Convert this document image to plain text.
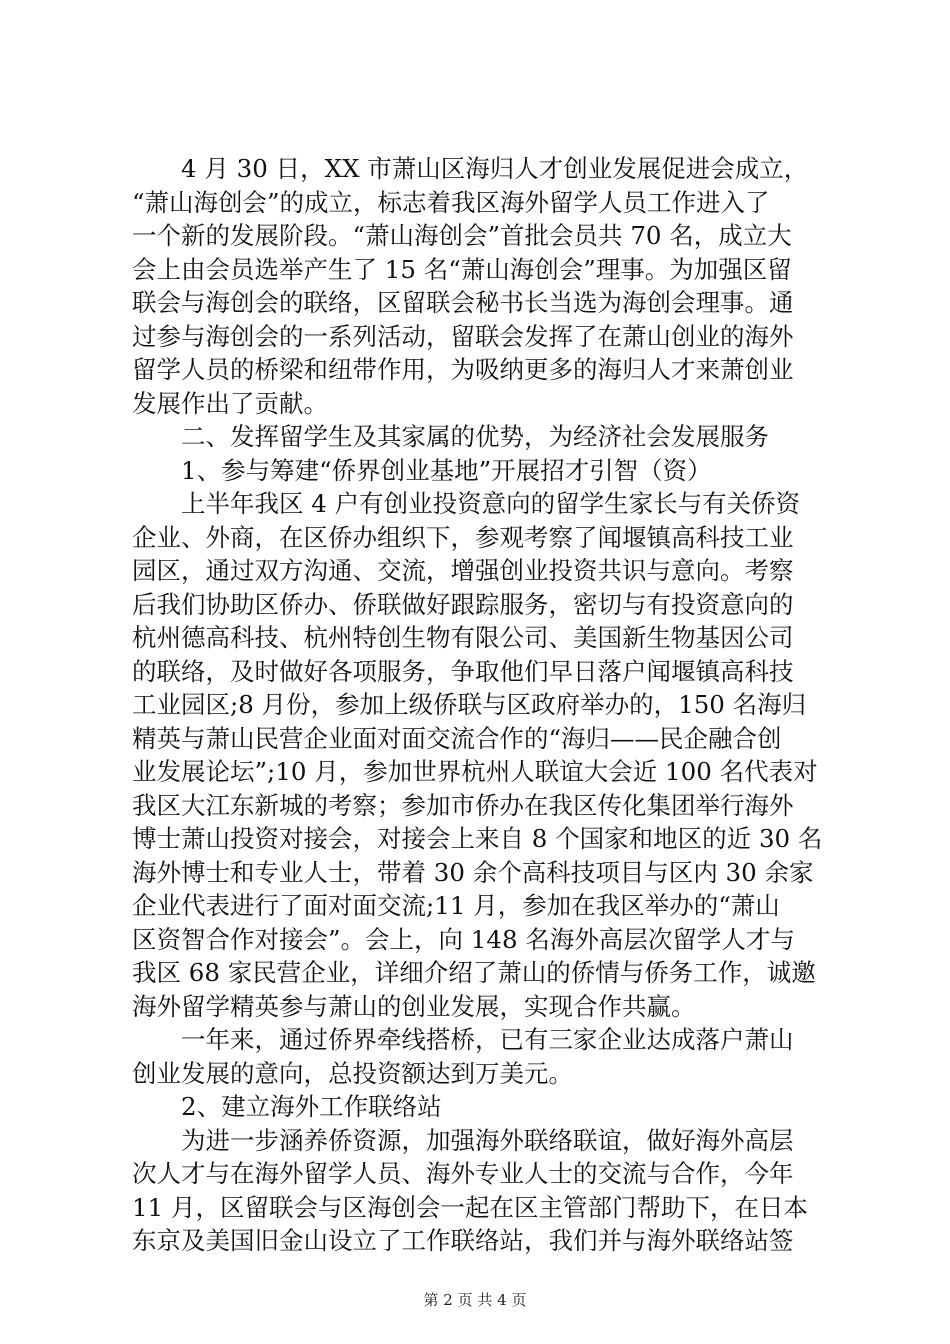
4 月 30 日，XX 市萧山区海归人才创业发展促进会成立，
“萧山海创会”的成立，标志着我区海外留学人员工作进入了
一个新的发展阶段。“萧山海创会”首批会员共 70 名，成立大
会上由会员选举产生了 15 名“萧山海创会”理事。为加强区留
联会与海创会的联络，区留联会秘书长当选为海创会理事。通
过参与海创会的一系列活动，留联会发挥了在萧山创业的海外
留学人员的桥梁和纽带作用，为吸纳更多的海归人才来萧创业
发展作出了贡献。
二、发挥留学生及其家属的优势，为经济社会发展服务
1、参与筹建“侨界创业基地”开展招才引智（资）
上半年我区 4 户有创业投资意向的留学生家长与有关侨资
企业、外商，在区侨办组织下，参观考察了闻堰镇高科技工业
园区，通过双方沟通、交流，增强创业投资共识与意向。考察
后我们协助区侨办、侨联做好跟踪服务，密切与有投资意向的
杭州德高科技、杭州特创生物有限公司、美国新生物基因公司
的联络，及时做好各项服务，争取他们早日落户闻堰镇高科技
工业园区;8 月份，参加上级侨联与区政府举办的，150 名海归
精英与萧山民营企业面对面交流合作的“海归——民企融合创
业发展论坛”;10 月，参加世界杭州人联谊大会近 100 名代表对
我区大江东新城的考察；参加市侨办在我区传化集团举行海外
博士萧山投资对接会，对接会上来自 8 个国家和地区的近 30 名
海外博士和专业人士，带着 30 余个高科技项目与区内 30 余家
企业代表进行了面对面交流;11 月，参加在我区举办的“萧山
区资智合作对接会”。会上，向 148 名海外高层次留学人才与
我区 68 家民营企业，详细介绍了萧山的侨情与侨务工作，诚邀
海外留学精英参与萧山的创业发展，实现合作共赢。
一年来，通过侨界牵线搭桥，已有三家企业达成落户萧山
创业发展的意向，总投资额达到万美元。
2、建立海外工作联络站
为进一步涵养侨资源，加强海外联络联谊，做好海外高层
次人才与在海外留学人员、海外专业人士的交流与合作，今年
11 月，区留联会与区海创会一起在区主管部门帮助下，在日本
东京及美国旧金山设立了工作联络站，我们并与海外联络站签
第 2 页 共 4 页
